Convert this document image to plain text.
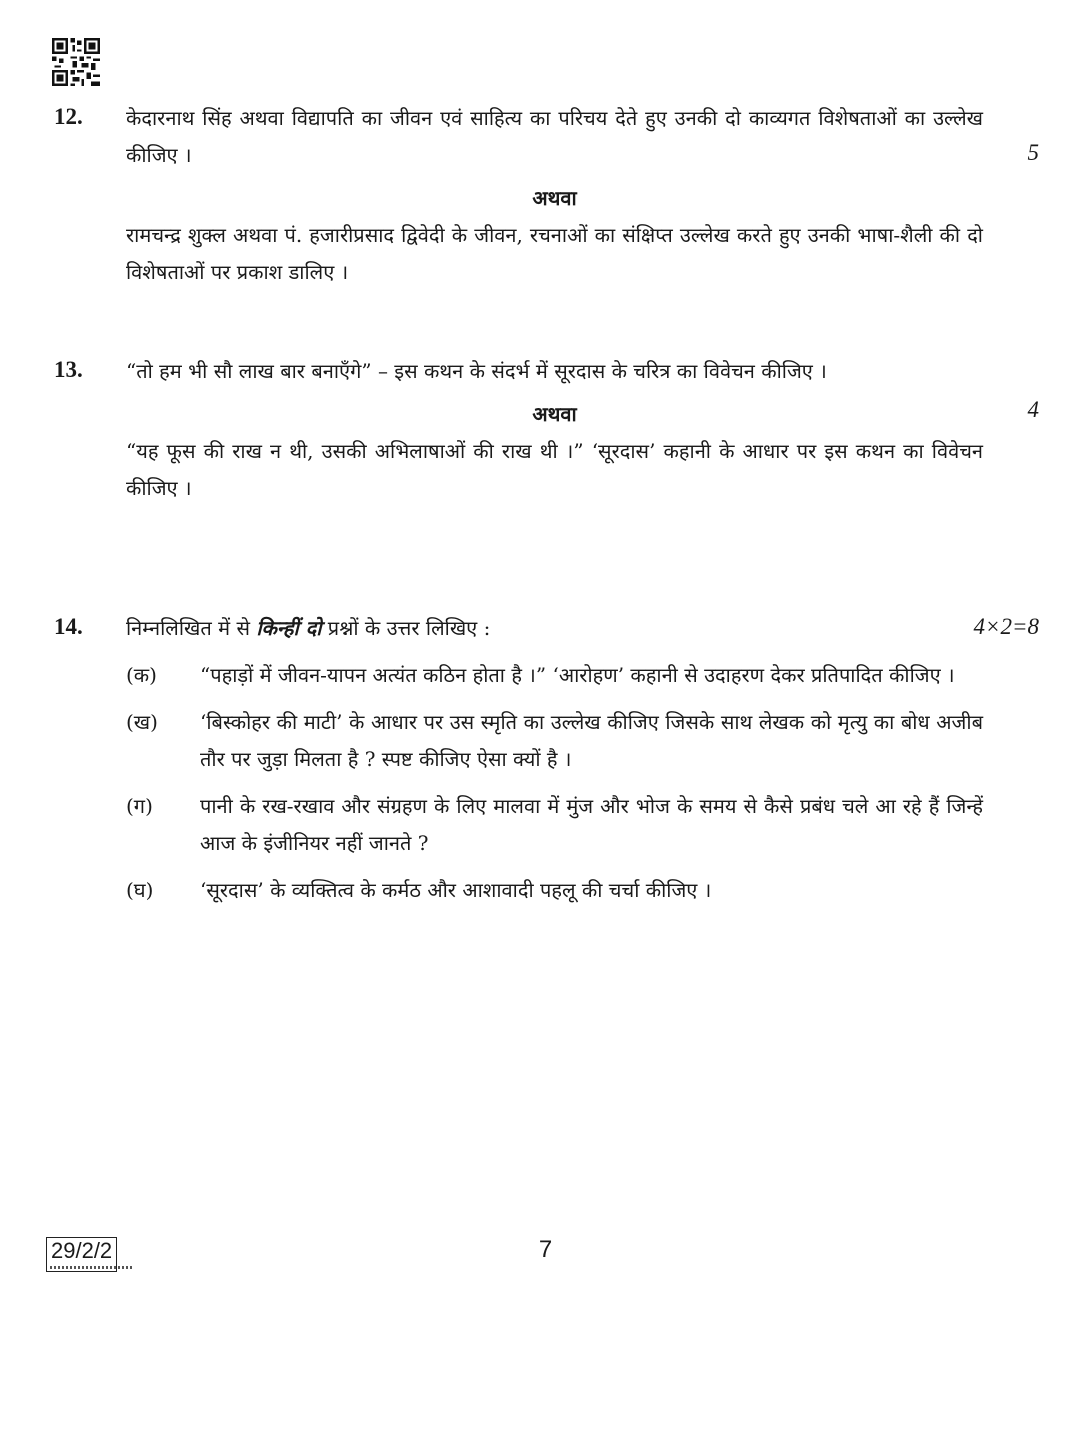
12. केदारनाथ सिंह अथवा विद्यापति का जीवन एवं साहित्य का परिचय देते हुए उनकी दो काव्यगत विशेषताओं का उल्लेख कीजिए ।	5
अथवा
रामचन्द्र शुक्ल अथवा पं. हजारीप्रसाद द्विवेदी के जीवन, रचनाओं का संक्षिप्त उल्लेख करते हुए उनकी भाषा-शैली की दो विशेषताओं पर प्रकाश डालिए ।
13. “तो हम भी सौ लाख बार बनाएँगे” – इस कथन के संदर्भ में सूरदास के चरित्र का विवेचन कीजिए ।
4
अथवा
“यह फूस की राख न थी, उसकी अभिलाषाओं की राख थी ।” ‘सूरदास’ कहानी के आधार पर इस कथन का विवेचन कीजिए ।
14. निम्नलिखित में से किन्हीं दो प्रश्नों के उत्तर लिखिए :	4×2=8
(क) “पहाड़ों में जीवन-यापन अत्यंत कठिन होता है ।” ‘आरोहण’ कहानी से उदाहरण देकर प्रतिपादित कीजिए ।
(ख) ‘बिस्कोहर की माटी’ के आधार पर उस स्मृति का उल्लेख कीजिए जिसके साथ लेखक को मृत्यु का बोध अजीब तौर पर जुड़ा मिलता है ? स्पष्ट कीजिए ऐसा क्यों है ।
(ग) पानी के रख-रखाव और संग्रहण के लिए मालवा में मुंज और भोज के समय से कैसे प्रबंध चले आ रहे हैं जिन्हें आज के इंजीनियर नहीं जानते ?
(घ) ‘सूरदास’ के व्यक्तित्व के कर्मठ और आशावादी पहलू की चर्चा कीजिए ।
29/2/2	7
